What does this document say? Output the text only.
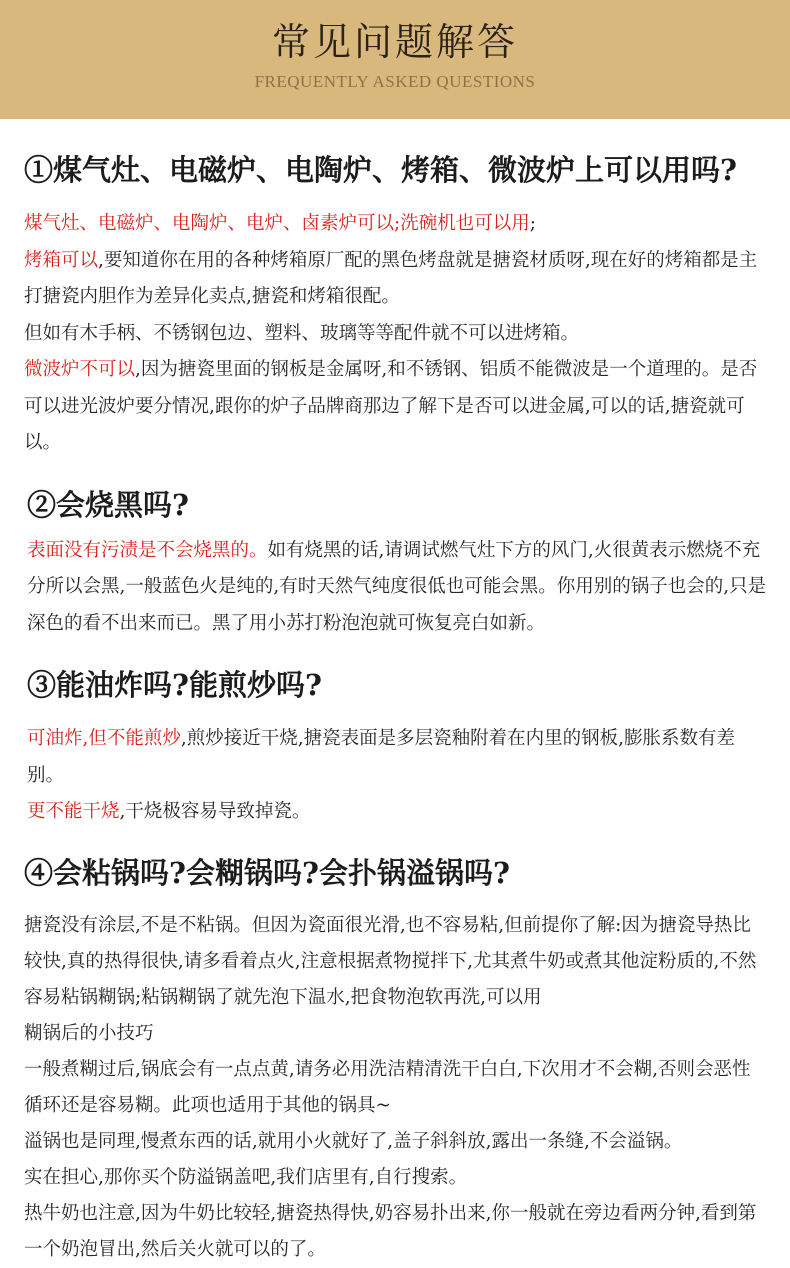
常见问题解答
FREQUENTLY ASKED QUESTIONS
①煤气灶、电磁炉、电陶炉、烤箱、微波炉上可以用吗?

煤气灶、电磁炉、电陶炉、电炉、卤素炉可以;洗碗机也可以用;

烤箱可以,要知道你在用的各种烤箱原厂配的黑色烤盘就是搪瓷材质呀,现在好的烤箱都是主打搪瓷内胆作为差异化卖点,搪瓷和烤箱很配。

但如有木手柄、不锈钢包边、塑料、玻璃等等配件就不可以进烤箱。

微波炉不可以,因为搪瓷里面的钢板是金属呀,和不锈钢、铝质不能微波是一个道理的。是否可以进光波炉要分情况,跟你的炉子品牌商那边了解下是否可以进金属,可以的话,搪瓷就可以。

②会烧黑吗?

表面没有污渍是不会烧黑的。如有烧黑的话,请调试燃气灶下方的风门,火很黄表示燃烧不充分所以会黑,一般蓝色火是纯的,有时天然气纯度很低也可能会黑。你用别的锅子也会的,只是深色的看不出来而已。黑了用小苏打粉泡泡就可恢复亮白如新。

③能油炸吗?能煎炒吗?

可油炸,但不能煎炒,煎炒接近干烧,搪瓷表面是多层瓷釉附着在内里的钢板,膨胀系数有差别。

更不能干烧,干烧极容易导致掉瓷。

④会粘锅吗?会糊锅吗?会扑锅溢锅吗?

搪瓷没有涂层,不是不粘锅。但因为瓷面很光滑,也不容易粘,但前提你了解:因为搪瓷导热比较快,真的热得很快,请多看着点火,注意根据煮物搅拌下,尤其煮牛奶或煮其他淀粉质的,不然容易粘锅糊锅;粘锅糊锅了就先泡下温水,把食物泡软再洗,可以用

糊锅后的小技巧

一般煮糊过后,锅底会有一点点黄,请务必用洗洁精清洗干白白,下次用才不会糊,否则会恶性循环还是容易糊。此项也适用于其他的锅具~

溢锅也是同理,慢煮东西的话,就用小火就好了,盖子斜斜放,露出一条缝,不会溢锅。

实在担心,那你买个防溢锅盖吧,我们店里有,自行搜索。

热牛奶也注意,因为牛奶比较轻,搪瓷热得快,奶容易扑出来,你一般就在旁边看两分钟,看到第一个奶泡冒出,然后关火就可以的了。
